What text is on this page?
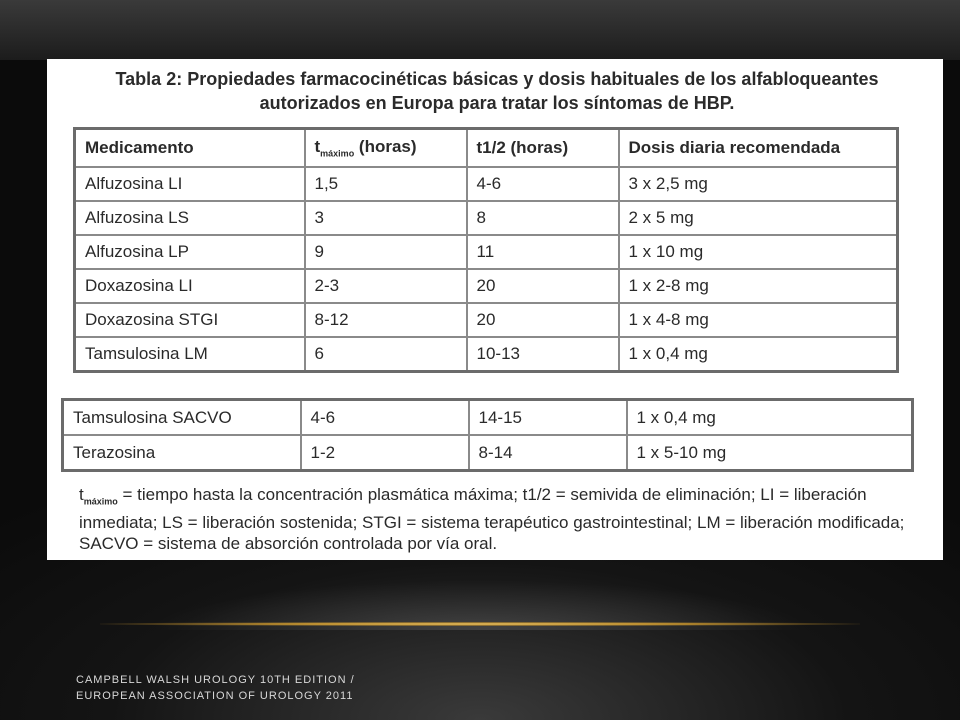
Tabla 2: Propiedades farmacocinéticas básicas y dosis habituales de los alfabloqueantes
autorizados en Europa para tratar los síntomas de HBP.
Medicamento	$t_{máximo}$ (horas)	t1/2 (horas)	Dosis diaria recomendada
Alfuzosina LI	1,5	4-6	3 x 2,5 mg
Alfuzosina LS	3	8	2 x 5 mg
Alfuzosina LP	9	11	1 x 10 mg
Doxazosina LI	2-3	20	1 x 2-8 mg
Doxazosina STGI	8-12	20	1 x 4-8 mg
Tamsulosina LM	6	10-13	1 x 0,4 mg
Tamsulosina SACVO	4-6	14-15	1 x 0,4 mg
Terazosina	1-2	8-14	1 x 5-10 mg
$t_{máximo}$ = tiempo hasta la concentración plasmática máxima; t1/2 = semivida de eliminación; LI = liberación inmediata; LS = liberación sostenida; STGI = sistema terapéutico gastrointestinal; LM = liberación modificada; SACVO = sistema de absorción controlada por vía oral.
CAMPBELL WALSH UROLOGY 10TH EDITION /
EUROPEAN ASSOCIATION OF UROLOGY 2011
